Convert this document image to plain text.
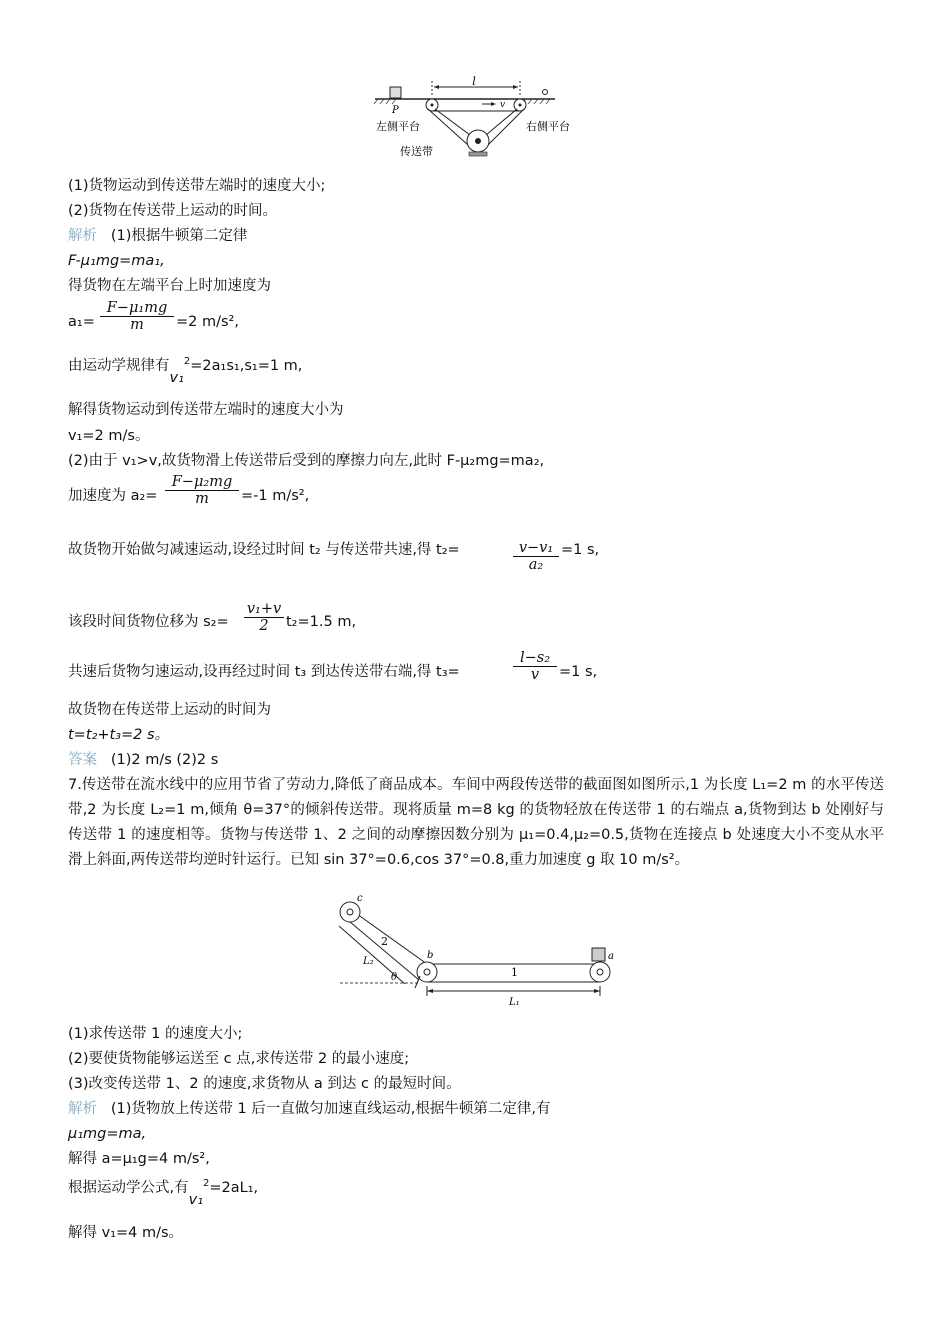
l
v
P
左侧平台	右侧平台
传送带
(1)货物运动到传送带左端时的速度大小;
(2)货物在传送带上运动的时间。
解析 (1)根据牛顿第二定律
F-μ₁mg=ma₁,
得货物在左端平台上时加速度为
$a_1= \frac{\text{F−μ₁mg}}{m} =2$ m/s²,
由运动学规律有v₁$^2$=2a₁s₁,s₁=1 m,
解得货物运动到传送带左端时的速度大小为
v₁=2 m/s。
(2)由于 v₁>v,故货物滑上传送带后受到的摩擦力向左,此时 F-μ₂mg=ma₂,
加速度为 $a_2= \frac{\text{F−μ₂mg}}{m} =-1$ m/s²,
故货物开始做匀减速运动,设经过时间 t₂ 与传送带共速,得 t₂=	$\frac{\text{v−v₁}}{\text{a₂}} =1$ s,
该段时间货物位移为 $s_2= \frac{\text{v₁+v}}{2} t_2=1.5$ m,
共速后货物匀速运动,设再经过时间 t₃ 到达传送带右端,得 t₃=	$\frac{\text{l−s₂}}{v} =1$ s,
故货物在传送带上运动的时间为
t=t₂+t₃=2 s。
答案 (1)2 m/s (2)2 s
7.传送带在流水线中的应用节省了劳动力,降低了商品成本。车间中两段传送带的截面图如图所示,1 为长度 L₁=2 m 的水平传送带,2 为长度 L₂=1 m,倾角 θ=37°的倾斜传送带。现将质量 m=8 kg 的货物轻放在传送带 1 的右端点 a,货物到达 b 处刚好与传送带 1 的速度相等。货物与传送带 1、2 之间的动摩擦因数分别为 μ₁=0.4,μ₂=0.5,货物在连接点 b 处速度大小不变从水平滑上斜面,两传送带均逆时针运行。已知 sin 37°=0.6,cos 37°=0.8,重力加速度 g 取 10 m/s²。
c
2
b
1
a
L₂
θ
L₁
(1)求传送带 1 的速度大小;
(2)要使货物能够运送至 c 点,求传送带 2 的最小速度;
(3)改变传送带 1、2 的速度,求货物从 a 到达 c 的最短时间。
解析 (1)货物放上传送带 1 后一直做匀加速直线运动,根据牛顿第二定律,有
μ₁mg=ma,
解得 a=μ₁g=4 m/s²,
根据运动学公式,有v₁$^2$=2aL₁,
解得 v₁=4 m/s。
